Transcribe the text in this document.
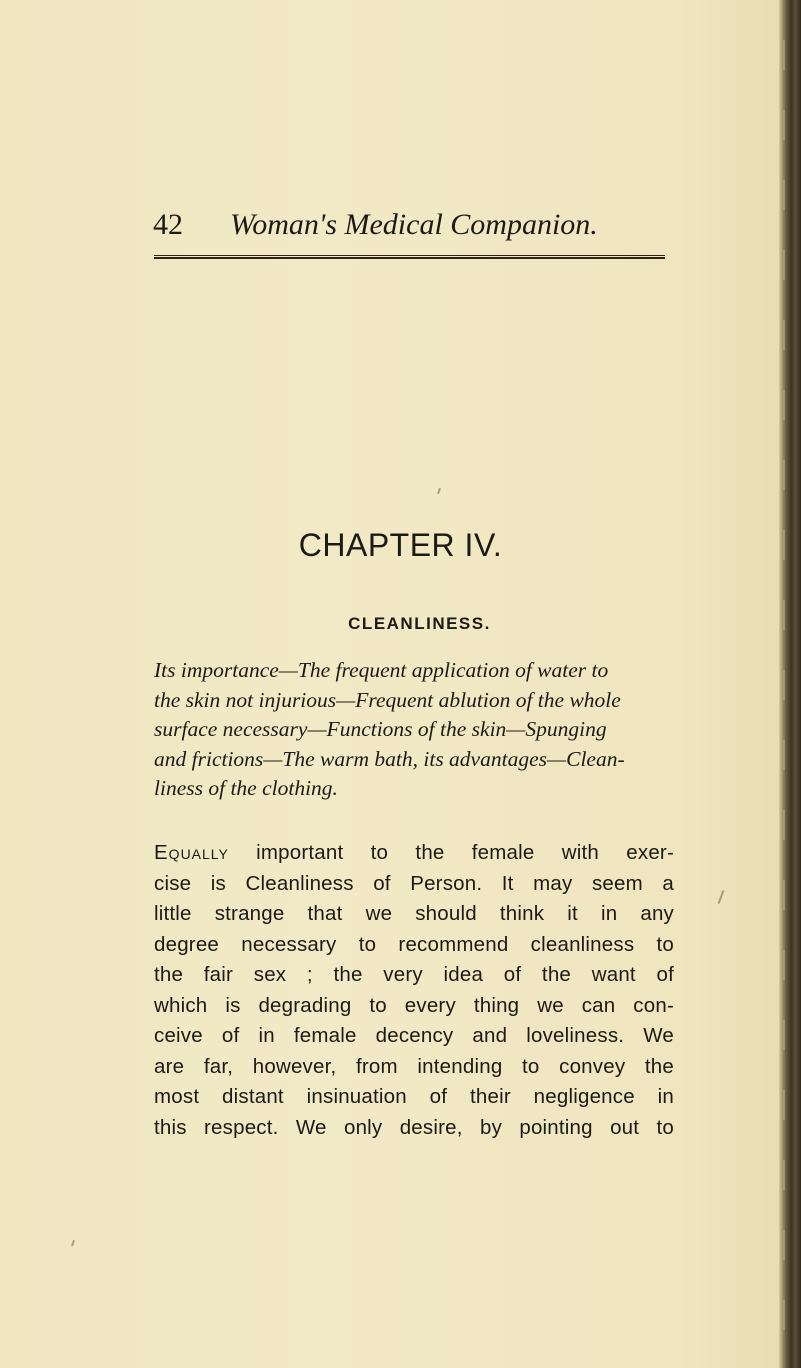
42 Woman's Medical Companion.
CHAPTER IV.
CLEANLINESS.
Its importance—The frequent application of water to
the skin not injurious—Frequent ablution of the whole
surface necessary—Functions of the skin—Spunging
and frictions—The warm bath, its advantages—Clean-
liness of the clothing.
Equally important to the female with exer-
cise is Cleanliness of Person. It may seem a
little strange that we should think it in any
degree necessary to recommend cleanliness to
the fair sex ; the very idea of the want of
which is degrading to every thing we can con-
ceive of in female decency and loveliness. We
are far, however, from intending to convey the
most distant insinuation of their negligence in
this respect. We only desire, by pointing out to
